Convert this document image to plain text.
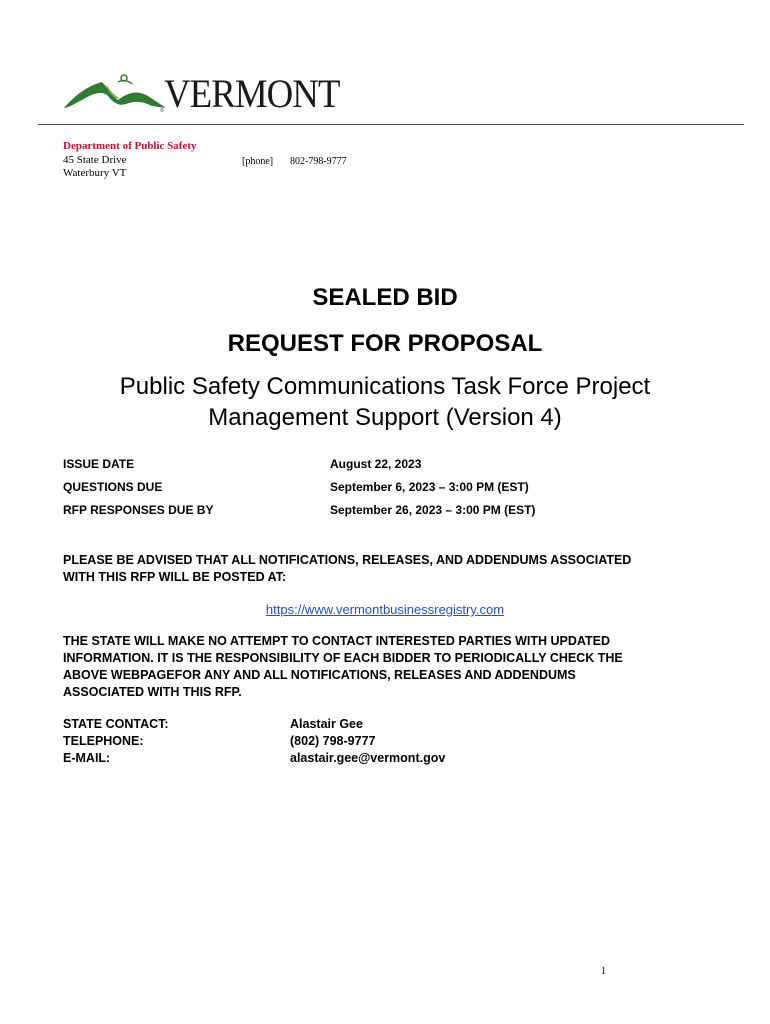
® VERMONT
Department of Public Safety
45 State Drive
Waterbury VT
[phone] 802-798-9777
SEALED BID
REQUEST FOR PROPOSAL
Public Safety Communications Task Force Project
Management Support (Version 4)
ISSUE DATE	August 22, 2023
QUESTIONS DUE	September 6, 2023 – 3:00 PM (EST)
RFP RESPONSES DUE BY	September 26, 2023 – 3:00 PM (EST)
PLEASE BE ADVISED THAT ALL NOTIFICATIONS, RELEASES, AND ADDENDUMS ASSOCIATED
WITH THIS RFP WILL BE POSTED AT:
https://www.vermontbusinessregistry.com
THE STATE WILL MAKE NO ATTEMPT TO CONTACT INTERESTED PARTIES WITH UPDATED
INFORMATION. IT IS THE RESPONSIBILITY OF EACH BIDDER TO PERIODICALLY CHECK THE
ABOVE WEBPAGEFOR ANY AND ALL NOTIFICATIONS, RELEASES AND ADDENDUMS
ASSOCIATED WITH THIS RFP.
STATE CONTACT:	Alastair Gee
TELEPHONE:	(802) 798-9777
E-MAIL:	alastair.gee@vermont.gov
1
